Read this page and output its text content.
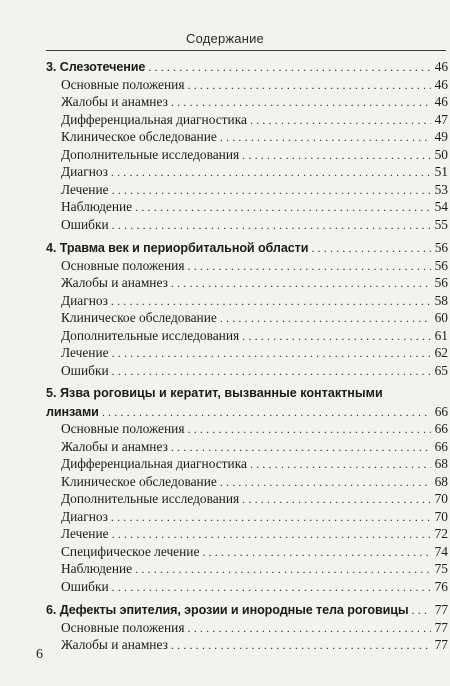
Содержание
3. Слезотечение .....	46
Основные положения .....	46
Жалобы и анамнез .....	46
Дифференциальная диагностика .....	47
Клиническое обследование .....	49
Дополнительные исследования .....	50
Диагноз .....	51
Лечение .....	53
Наблюдение .....	54
Ошибки .....	55
4. Травма век и периорбитальной области .....	56
Основные положения .....	56
Жалобы и анамнез .....	56
Диагноз .....	58
Клиническое обследование .....	60
Дополнительные исследования .....	61
Лечение .....	62
Ошибки .....	65
5. Язва роговицы и кератит, вызванные контактными
линзами .....	66
Основные положения .....	66
Жалобы и анамнез .....	66
Дифференциальная диагностика .....	68
Клиническое обследование .....	68
Дополнительные исследования .....	70
Диагноз .....	70
Лечение .....	72
Специфическое лечение .....	74
Наблюдение .....	75
Ошибки .....	76
6. Дефекты эпителия, эрозии и инородные тела роговицы ..... 77
Основные положения .....	77
Жалобы и анамнез .....	77
6
